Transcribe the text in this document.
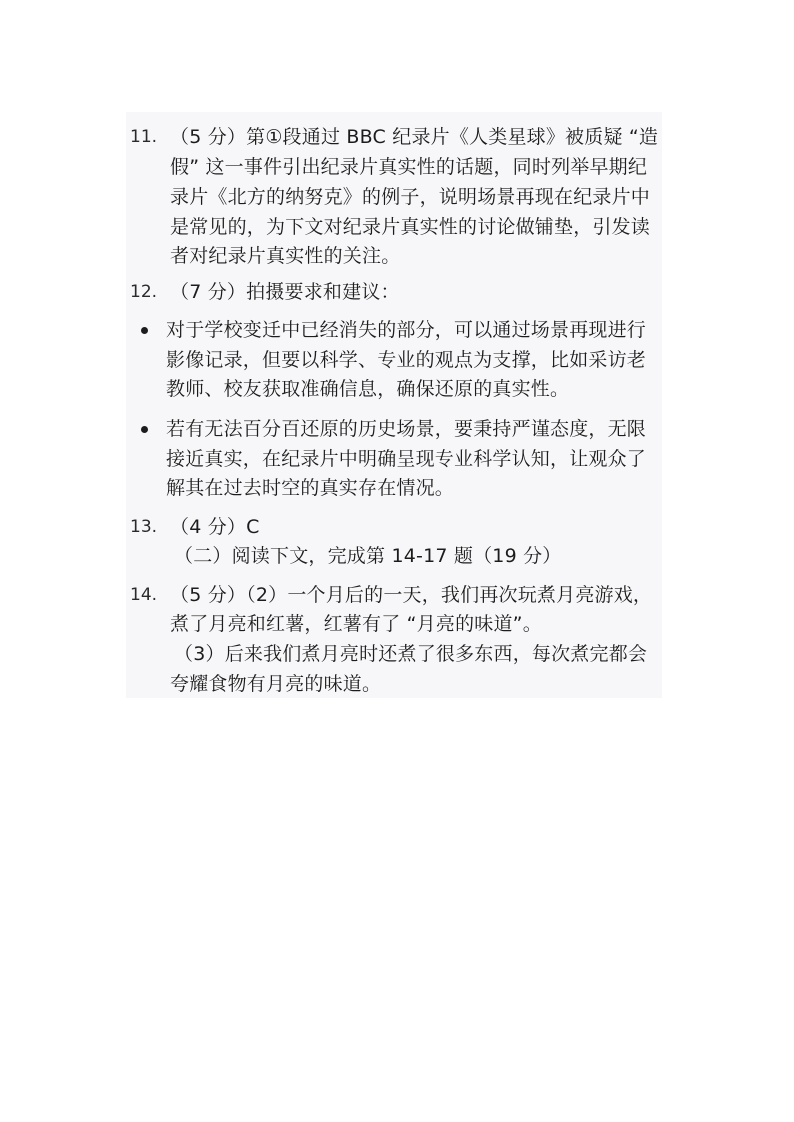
11. （5 分）第①段通过 BBC 纪录片《人类星球》被质疑 “造
假” 这一事件引出纪录片真实性的话题，同时列举早期纪
录片《北方的纳努克》的例子，说明场景再现在纪录片中
是常见的，为下文对纪录片真实性的讨论做铺垫，引发读
者对纪录片真实性的关注。
12. （7 分）拍摄要求和建议：
对于学校变迁中已经消失的部分，可以通过场景再现进行
影像记录，但要以科学、专业的观点为支撑，比如采访老
教师、校友获取准确信息，确保还原的真实性。
若有无法百分百还原的历史场景，要秉持严谨态度，无限
接近真实，在纪录片中明确呈现专业科学认知，让观众了
解其在过去时空的真实存在情况。
13. （4 分）C
（二）阅读下文，完成第 14-17 题（19 分）
14. （5 分）（2）一个月后的一天，我们再次玩煮月亮游戏，
煮了月亮和红薯，红薯有了 “月亮的味道”。
（3）后来我们煮月亮时还煮了很多东西，每次煮完都会
夸耀食物有月亮的味道。
